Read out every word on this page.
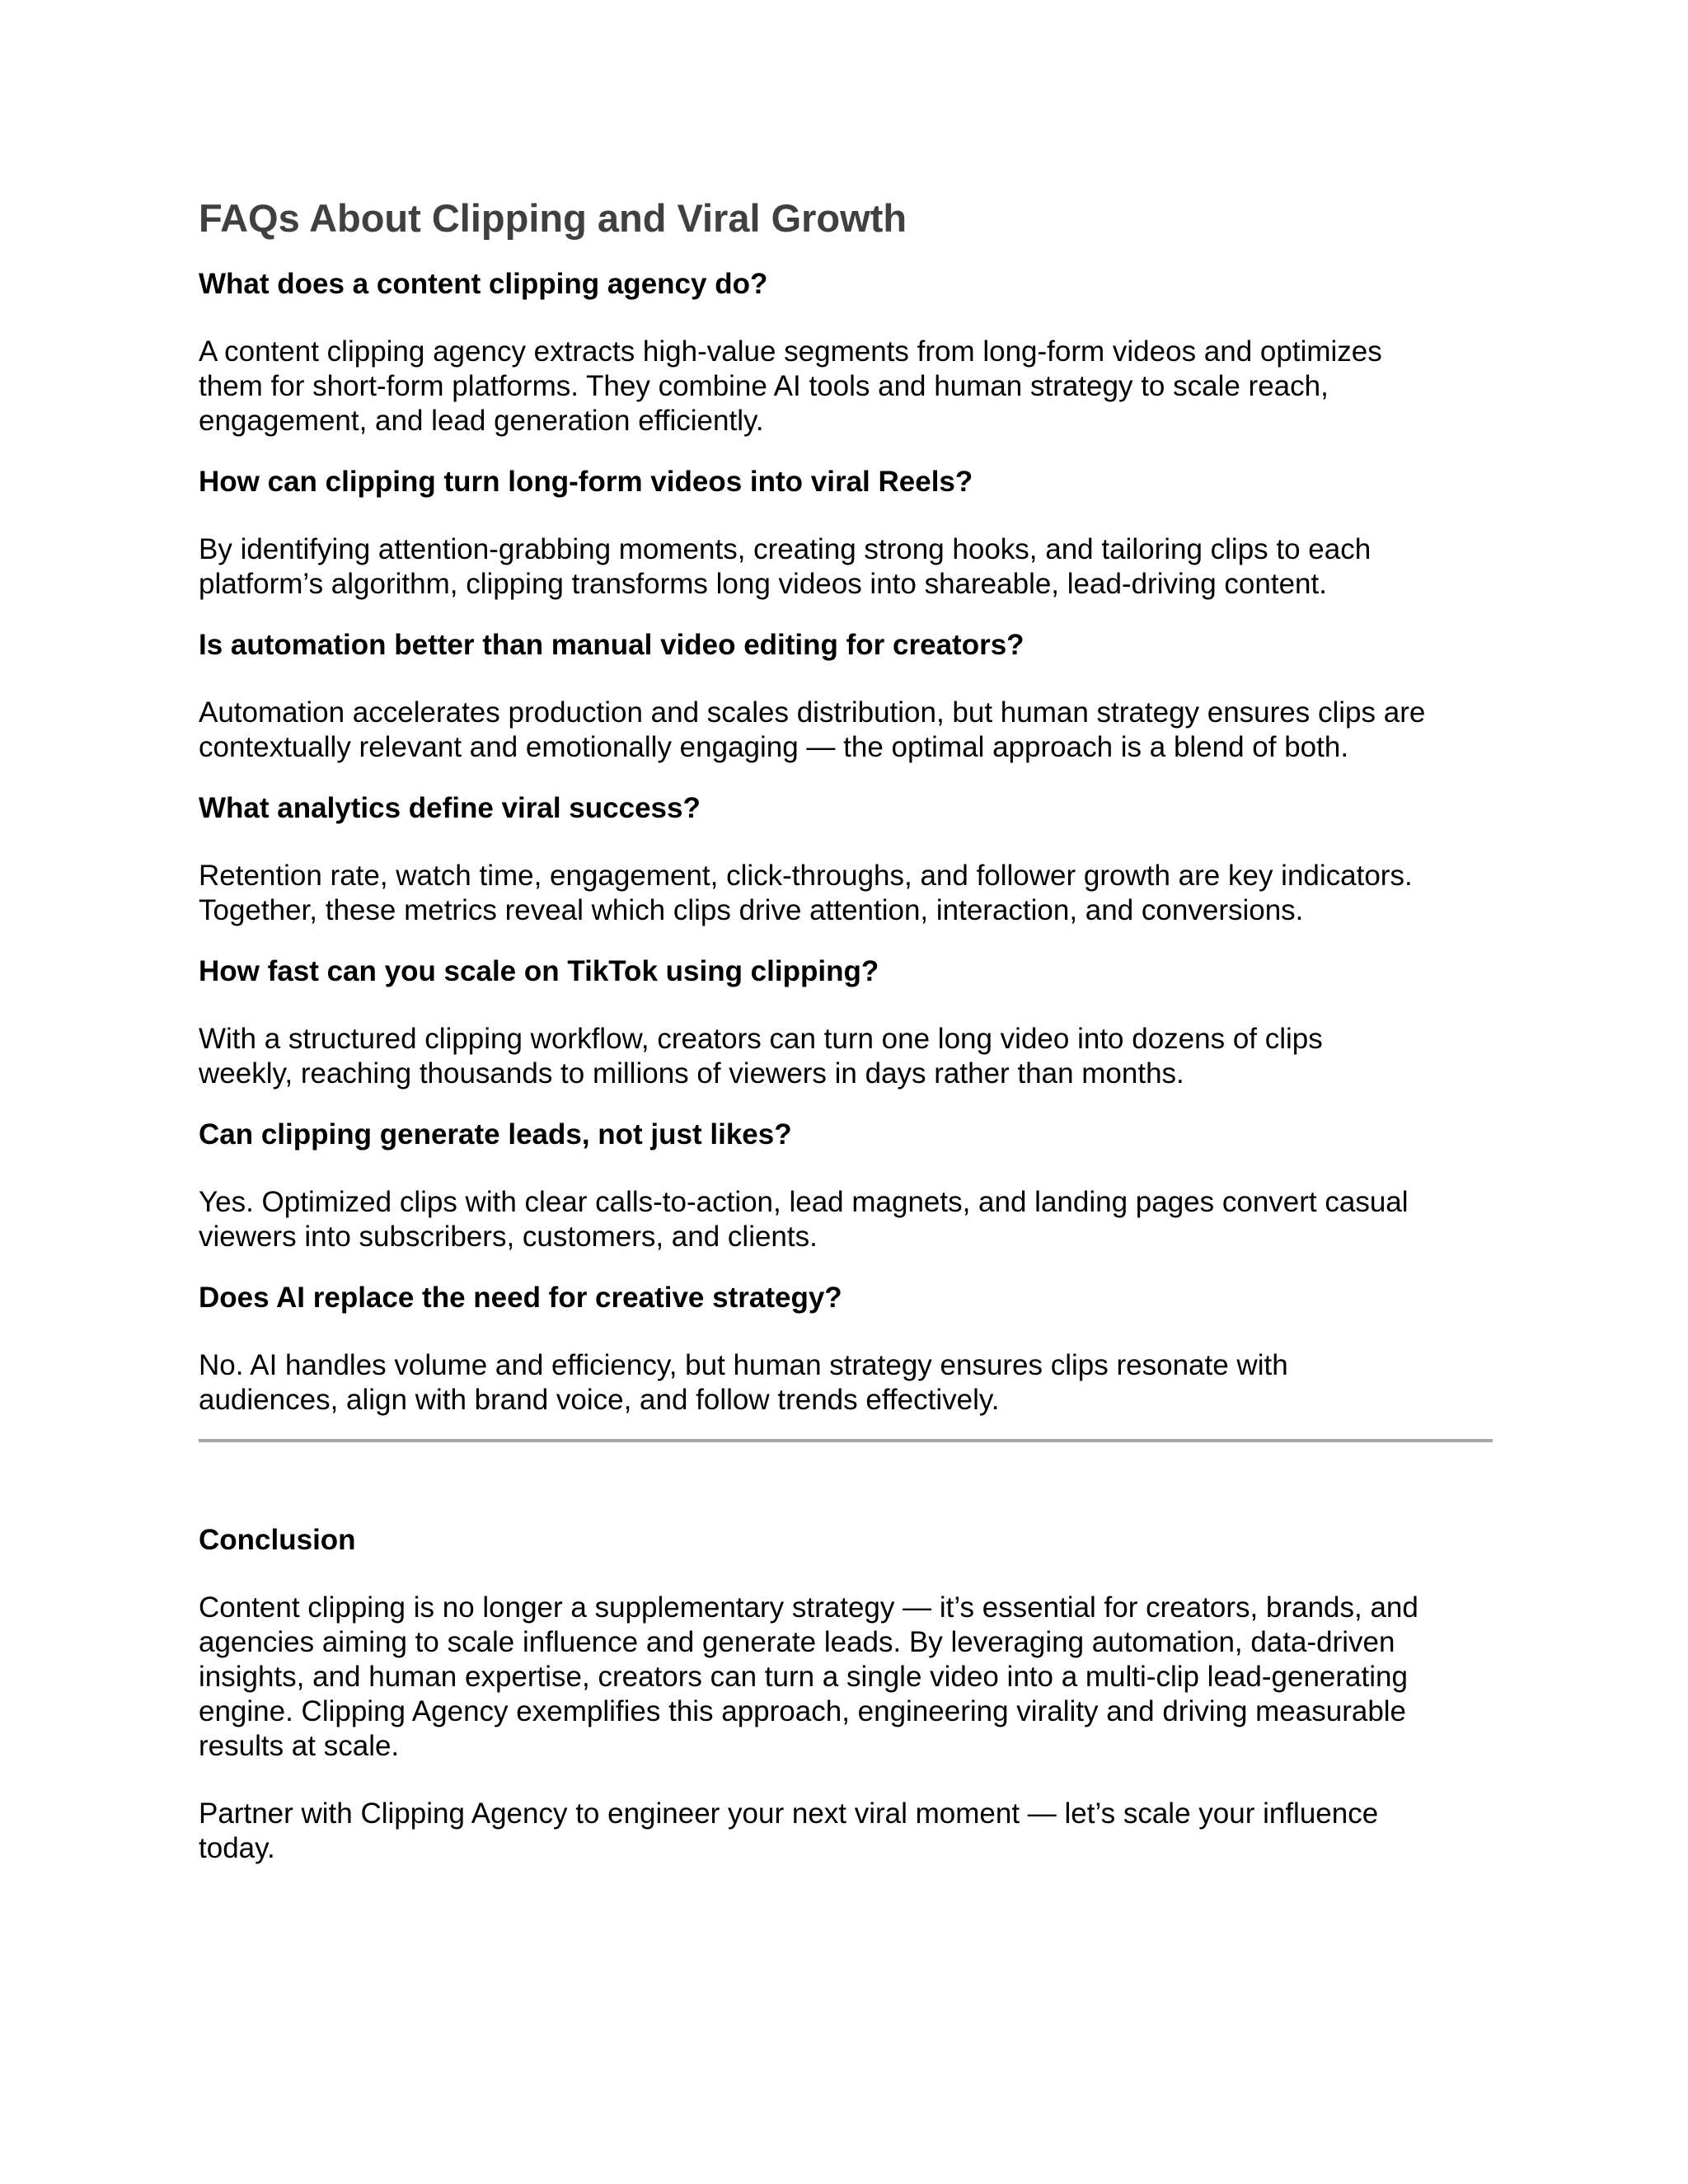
FAQs About Clipping and Viral Growth
What does a content clipping agency do?

A content clipping agency extracts high-value segments from long-form videos and optimizes
them for short-form platforms. They combine AI tools and human strategy to scale reach,
engagement, and lead generation efficiently.

How can clipping turn long-form videos into viral Reels?

By identifying attention-grabbing moments, creating strong hooks, and tailoring clips to each
platform’s algorithm, clipping transforms long videos into shareable, lead-driving content.

Is automation better than manual video editing for creators?

Automation accelerates production and scales distribution, but human strategy ensures clips are
contextually relevant and emotionally engaging — the optimal approach is a blend of both.

What analytics define viral success?

Retention rate, watch time, engagement, click-throughs, and follower growth are key indicators.
Together, these metrics reveal which clips drive attention, interaction, and conversions.

How fast can you scale on TikTok using clipping?

With a structured clipping workflow, creators can turn one long video into dozens of clips
weekly, reaching thousands to millions of viewers in days rather than months.

Can clipping generate leads, not just likes?

Yes. Optimized clips with clear calls-to-action, lead magnets, and landing pages convert casual
viewers into subscribers, customers, and clients.

Does AI replace the need for creative strategy?

No. AI handles volume and efficiency, but human strategy ensures clips resonate with
audiences, align with brand voice, and follow trends effectively.

Conclusion

Content clipping is no longer a supplementary strategy — it’s essential for creators, brands, and
agencies aiming to scale influence and generate leads. By leveraging automation, data-driven
insights, and human expertise, creators can turn a single video into a multi-clip lead-generating
engine. Clipping Agency exemplifies this approach, engineering virality and driving measurable
results at scale.

Partner with Clipping Agency to engineer your next viral moment — let’s scale your influence
today.
